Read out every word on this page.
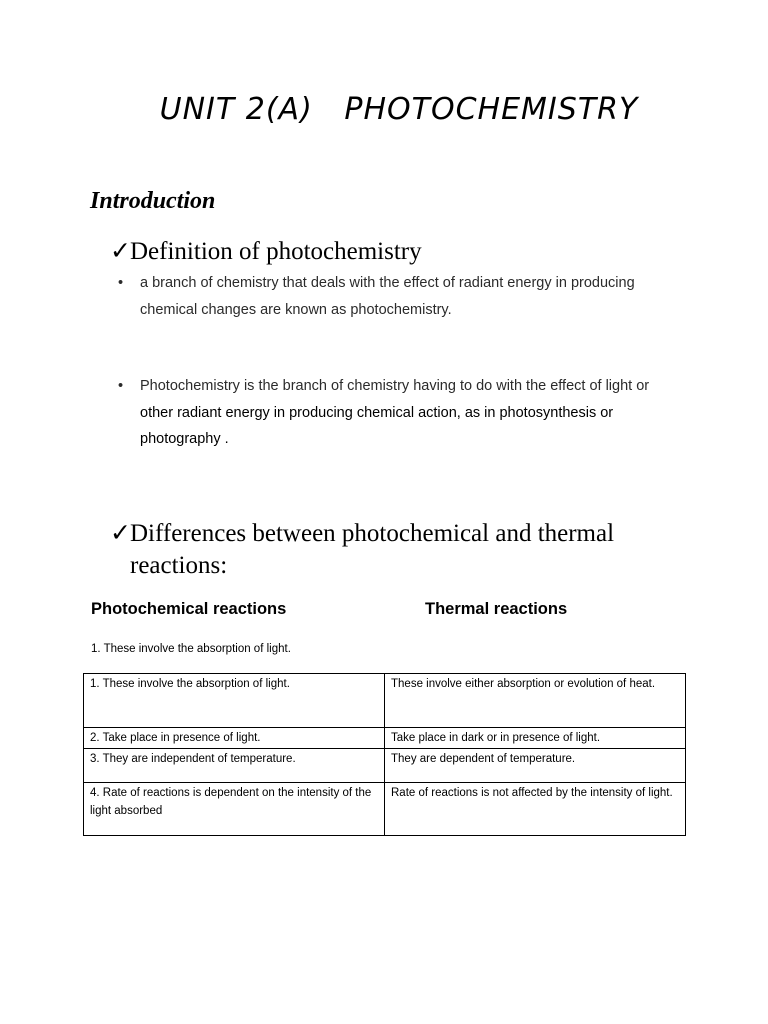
UNIT 2(A)   PHOTOCHEMISTRY
Introduction
✓Definition of photochemistry
•	a branch of chemistry that deals with the effect of radiant energy in producing chemical changes are known as photochemistry.
•	Photochemistry is the branch of chemistry having to do with the effect of light or other radiant energy in producing chemical action, as in photosynthesis or photography .
✓Differences between photochemical and thermal
reactions:
Photochemical reactions	Thermal reactions
1. These involve the absorption of light.
1. These involve the absorption of light.	These involve either absorption or evolution of heat.
2. Take place in presence of light.	Take place in dark or in presence of light.
3. They are independent of temperature.	They are dependent of temperature.
4. Rate of reactions is dependent on the intensity of the light absorbed	Rate of reactions is not affected by the intensity of light.
